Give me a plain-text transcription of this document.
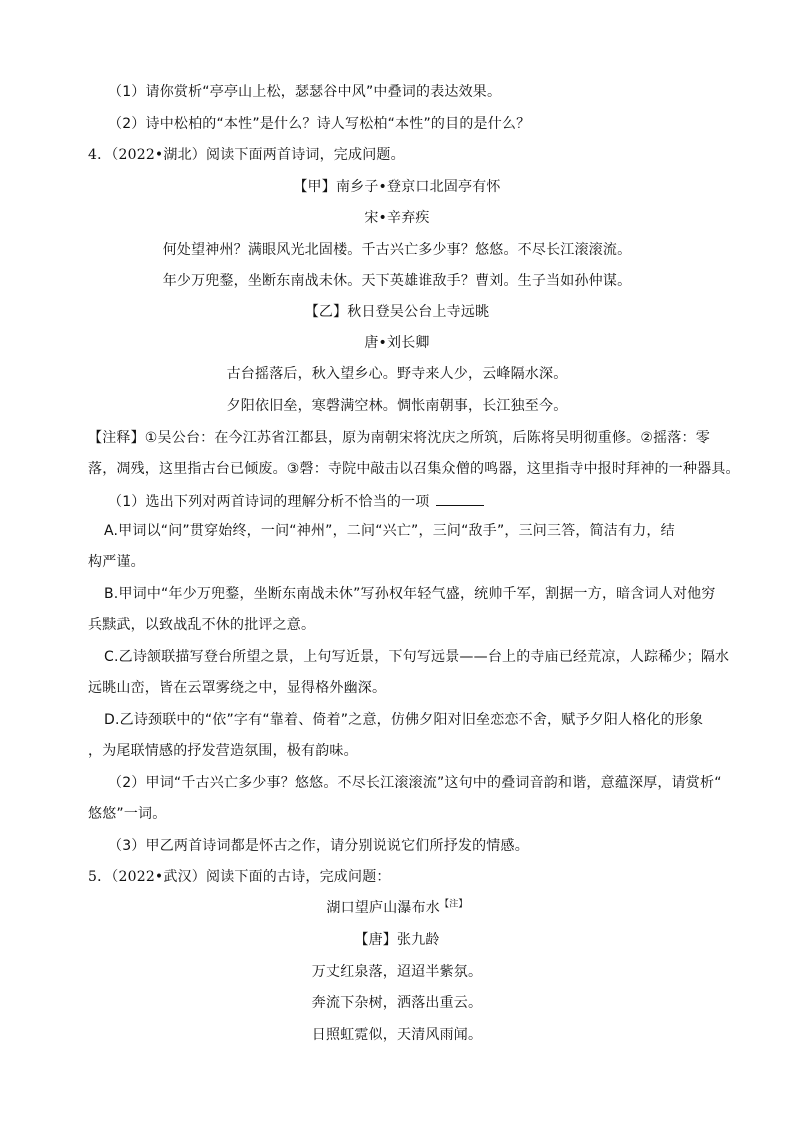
（1）请你赏析“亭亭山上松，瑟瑟谷中风”中叠词的表达效果。
（2）诗中松柏的“本性”是什么？诗人写松柏“本性”的目的是什么？
4．（2022•湖北）阅读下面两首诗词，完成问题。
【甲】南乡子•登京口北固亭有怀
宋•辛弃疾
何处望神州？满眼风光北固楼。千古兴亡多少事？悠悠。不尽长江滚滚流。
年少万兜鍪，坐断东南战未休。天下英雄谁敌手？曹刘。生子当如孙仲谋。
【乙】秋日登吴公台上寺远眺
唐•刘长卿
古台摇落后，秋入望乡心。野寺来人少，云峰隔水深。
夕阳依旧垒，寒磬满空林。惆怅南朝事，长江独至今。
【注释】①吴公台：在今江苏省江都县，原为南朝宋将沈庆之所筑，后陈将吴明彻重修。②摇落：零
落，凋残，这里指古台已倾废。③磬：寺院中敲击以召集众僧的鸣器，这里指寺中报时拜神的一种器具。
（1）选出下列对两首诗词的理解分析不恰当的一项
A.甲词以“问”贯穿始终，一问“神州”，二问“兴亡”，三问“敌手”，三问三答，简洁有力，结
构严谨。
B.甲词中“年少万兜鍪，坐断东南战未休”写孙权年轻气盛，统帅千军，割据一方，暗含词人对他穷
兵黩武，以致战乱不休的批评之意。
C.乙诗颔联描写登台所望之景，上句写近景，下句写远景——台上的寺庙已经荒凉，人踪稀少；隔水
远眺山峦，皆在云罩雾绕之中，显得格外幽深。
D.乙诗颈联中的“依”字有“靠着、倚着”之意，仿佛夕阳对旧垒恋恋不舍，赋予夕阳人格化的形象
，为尾联情感的抒发营造氛围，极有韵味。
（2）甲词“千古兴亡多少事？悠悠。不尽长江滚滚流”这句中的叠词音韵和谐，意蕴深厚，请赏析“
悠悠”一词。
（3）甲乙两首诗词都是怀古之作，请分别说说它们所抒发的情感。
5．（2022•武汉）阅读下面的古诗，完成问题：
湖口望庐山瀑布水$^{【注】}$
【唐】张九龄
万丈红泉落，迢迢半紫氛。
奔流下杂树，洒落出重云。
日照虹霓似，天清风雨闻。
